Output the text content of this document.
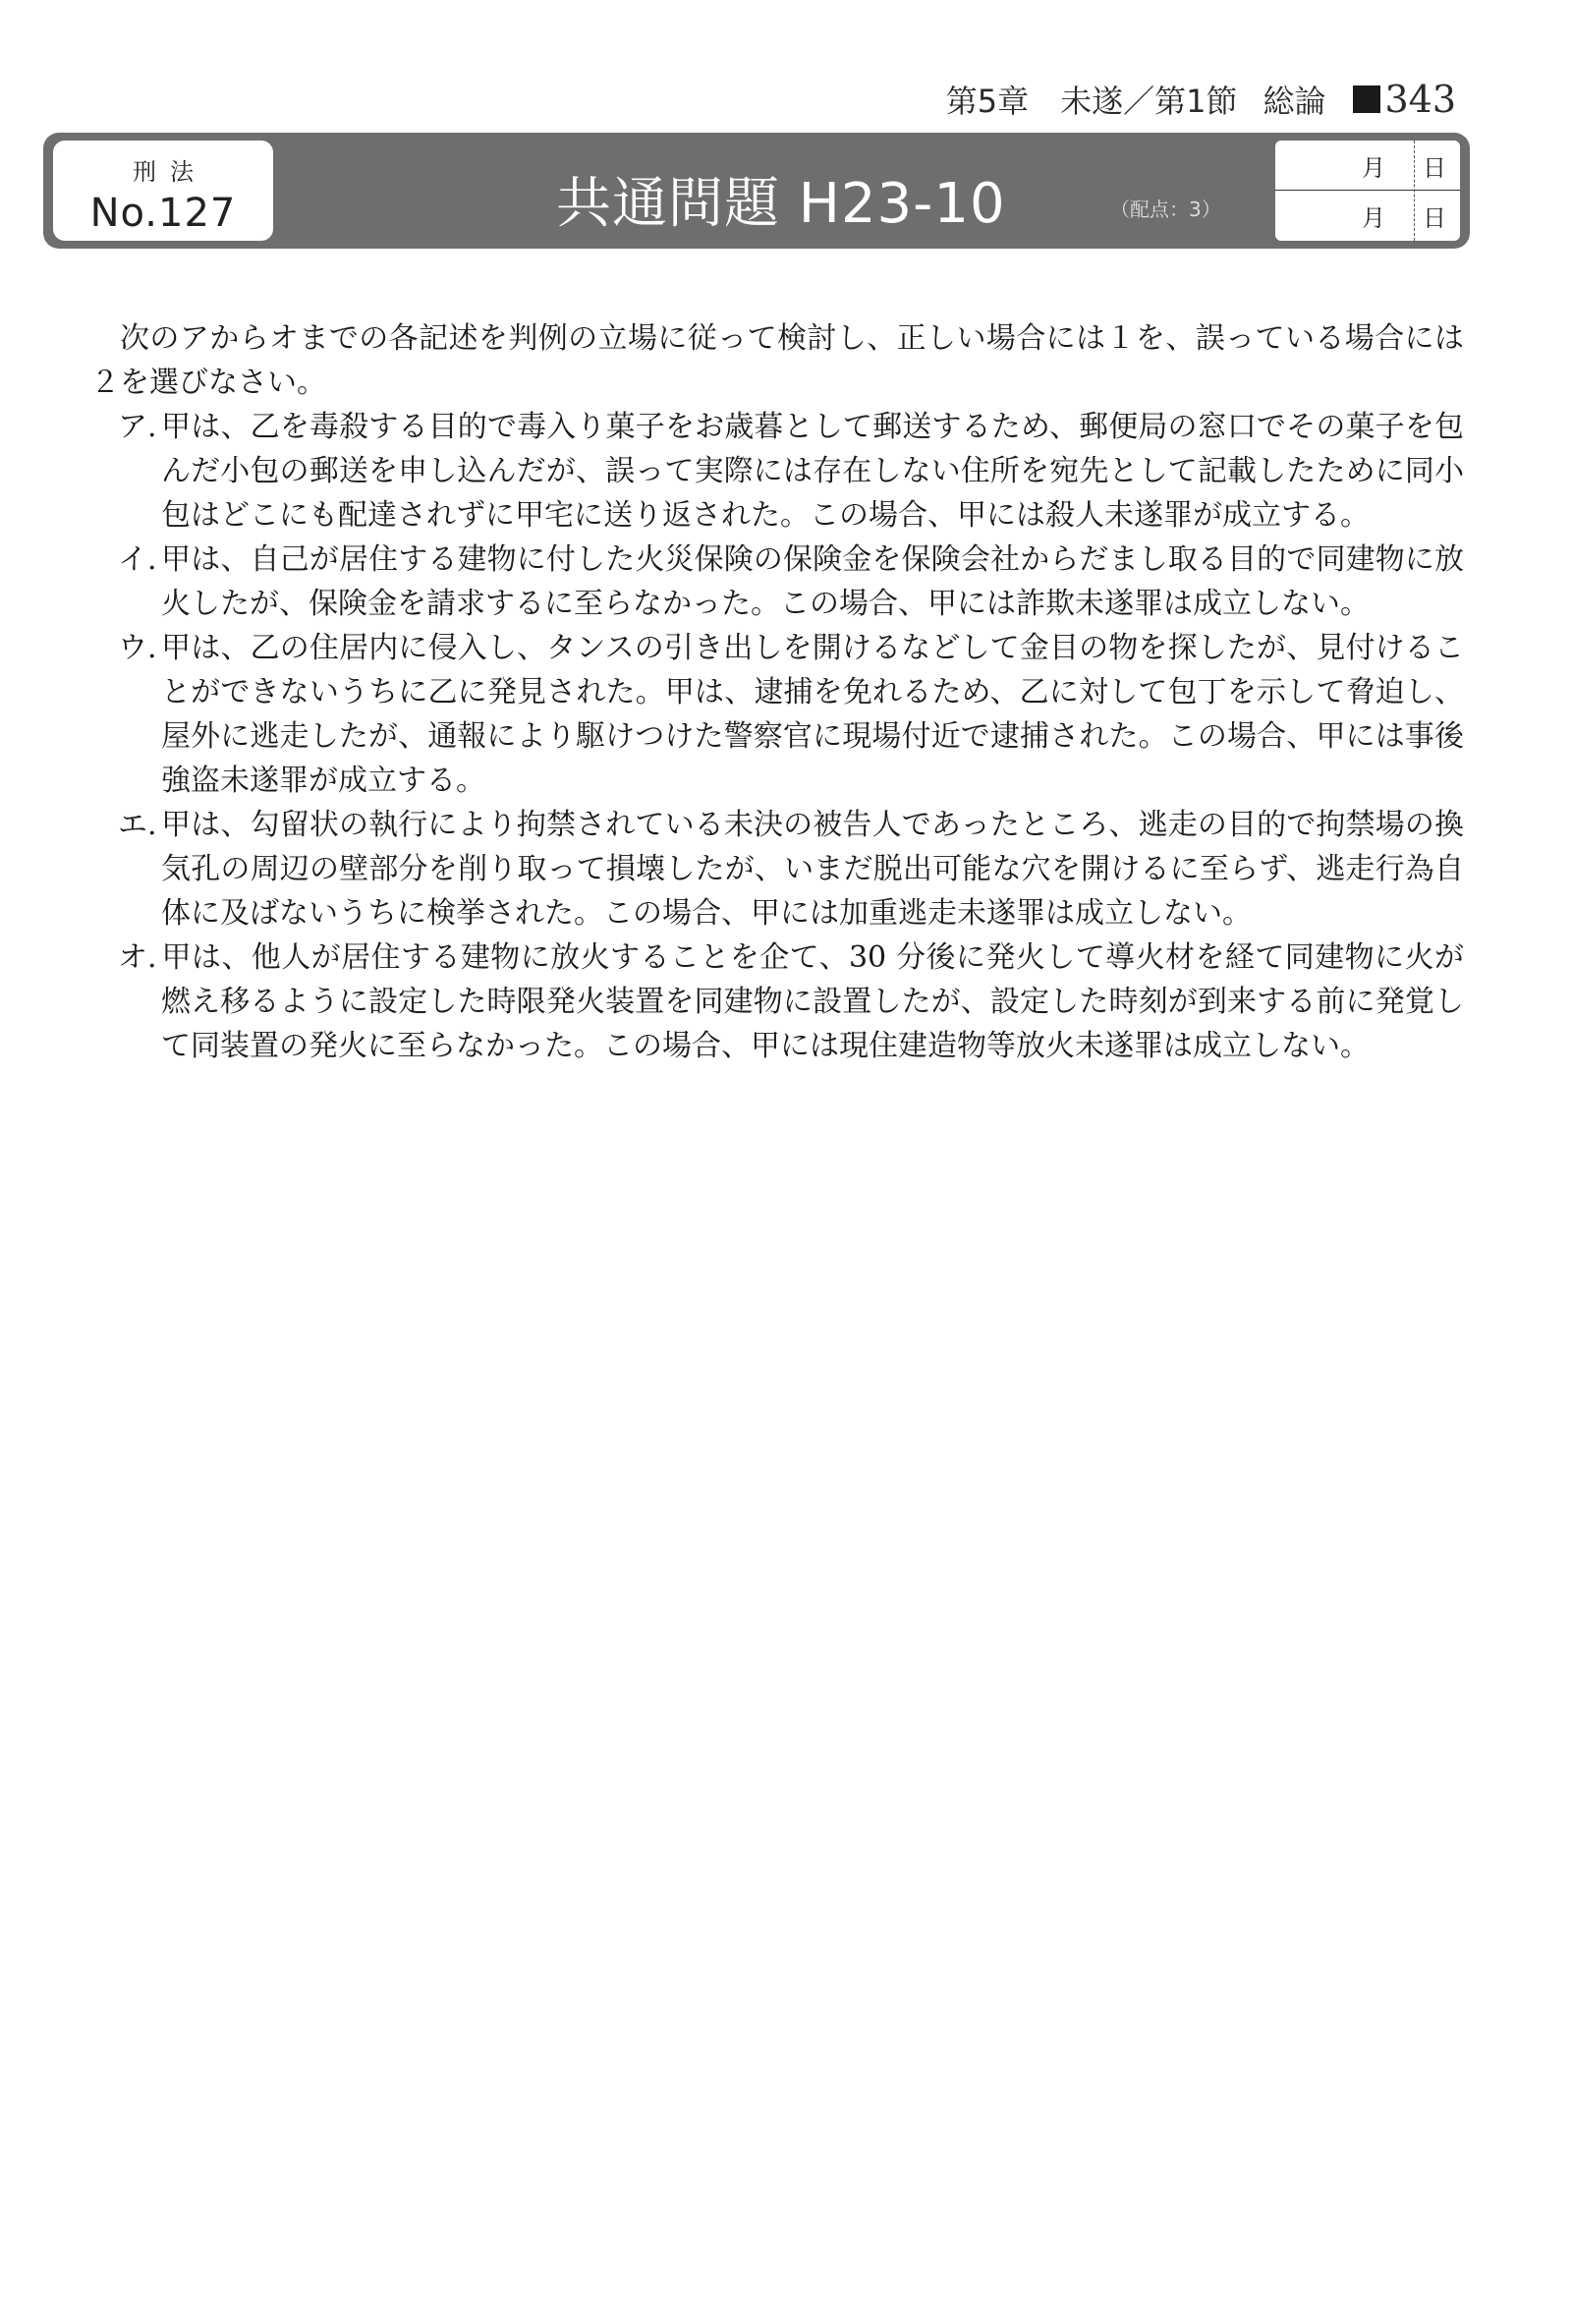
第5章　未遂／第1節 総論 343
刑法
No.127	共通問題 H23-10	（配点：3）
月 日
月 日

次のアからオまでの各記述を判例の立場に従って検討し、正しい場合には１を、誤っている場合には２を選びなさい。

ア. 甲は、乙を毒殺する目的で毒入り菓子をお歳暮として郵送するため、郵便局の窓口でその菓子を包んだ小包の郵送を申し込んだが、誤って実際には存在しない住所を宛先として記載したために同小包はどこにも配達されずに甲宅に送り返された。この場合、甲には殺人未遂罪が成立する。
イ. 甲は、自己が居住する建物に付した火災保険の保険金を保険会社からだまし取る目的で同建物に放火したが、保険金を請求するに至らなかった。この場合、甲には詐欺未遂罪は成立しない。
ウ. 甲は、乙の住居内に侵入し、タンスの引き出しを開けるなどして金目の物を探したが、見付けることができないうちに乙に発見された。甲は、逮捕を免れるため、乙に対して包丁を示して脅迫し、屋外に逃走したが、通報により駆けつけた警察官に現場付近で逮捕された。この場合、甲には事後強盗未遂罪が成立する。
エ. 甲は、勾留状の執行により拘禁されている未決の被告人であったところ、逃走の目的で拘禁場の換気孔の周辺の壁部分を削り取って損壊したが、いまだ脱出可能な穴を開けるに至らず、逃走行為自体に及ばないうちに検挙された。この場合、甲には加重逃走未遂罪は成立しない。
オ. 甲は、他人が居住する建物に放火することを企て、30 分後に発火して導火材を経て同建物に火が燃え移るように設定した時限発火装置を同建物に設置したが、設定した時刻が到来する前に発覚して同装置の発火に至らなかった。この場合、甲には現住建造物等放火未遂罪は成立しない。
